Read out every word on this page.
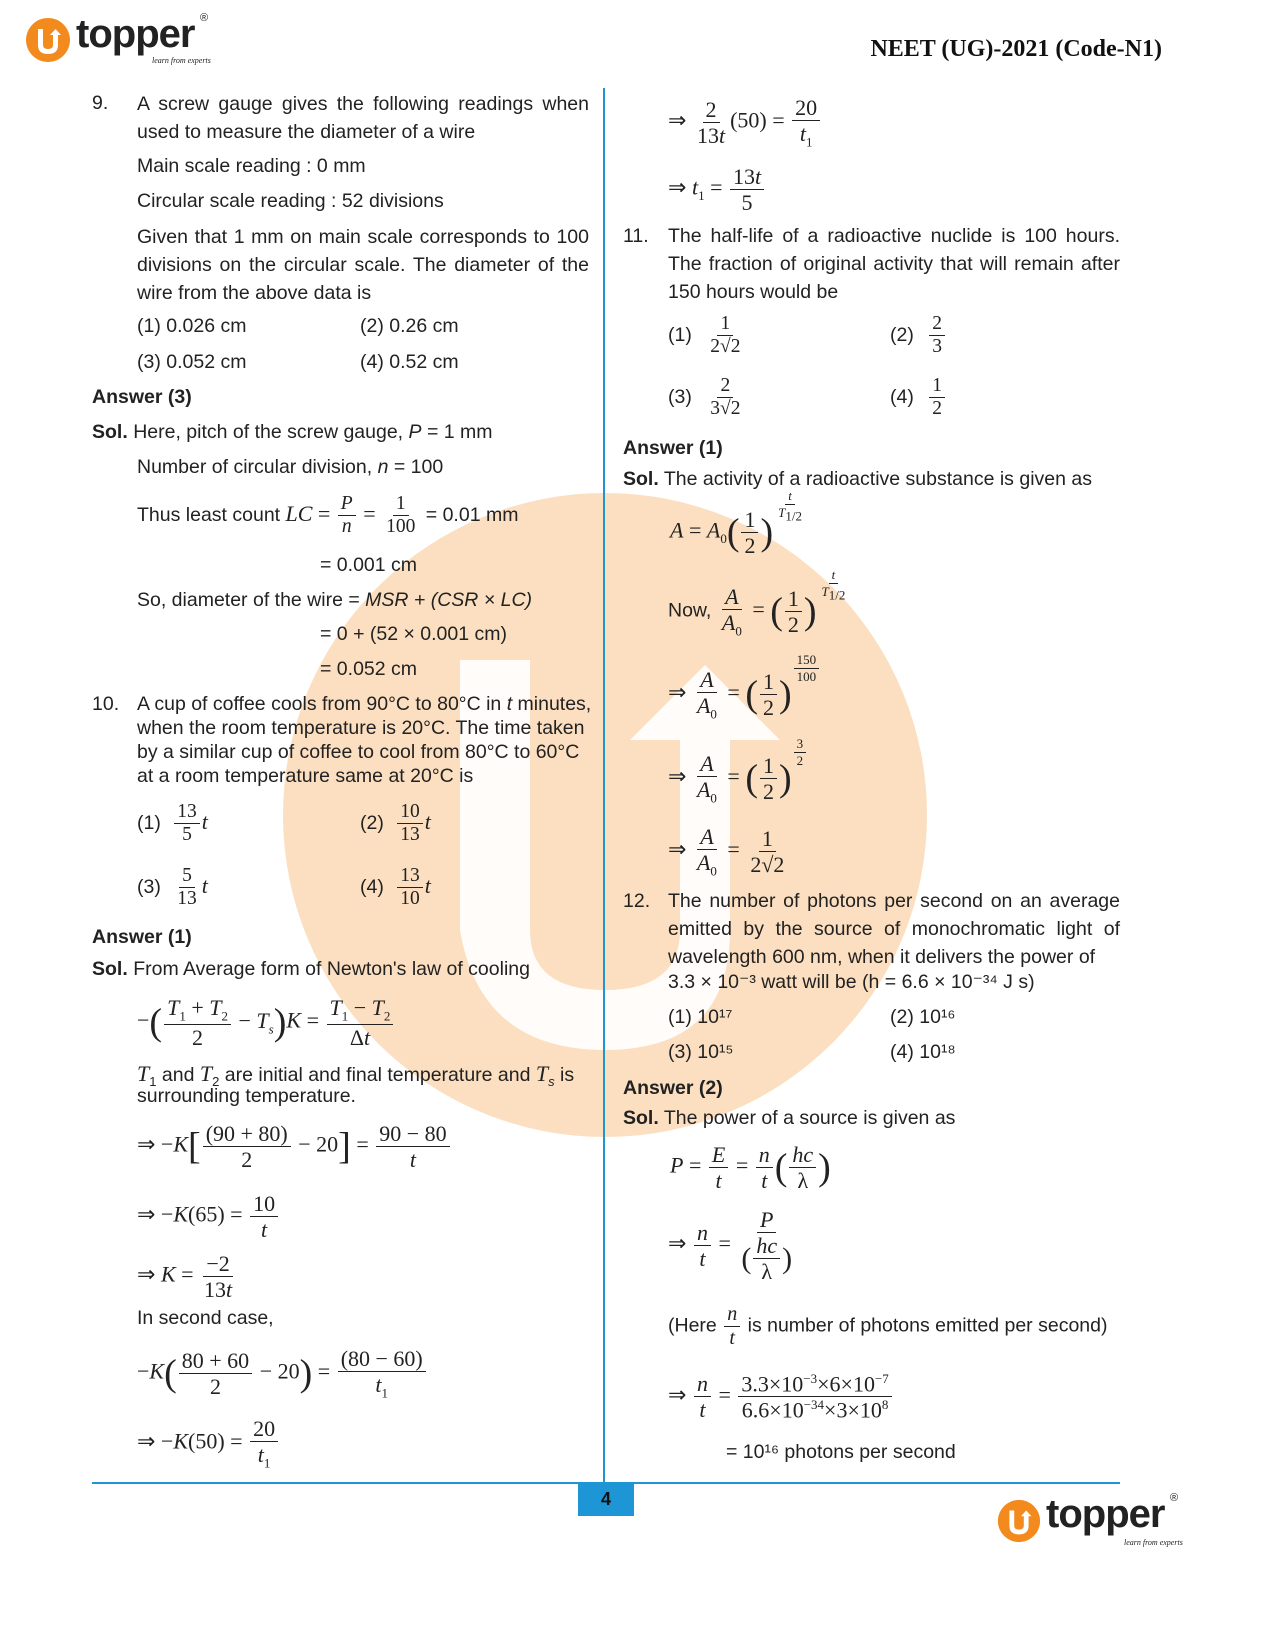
topper ®
learn from experts	NEET (UG)-2021 (Code-N1)
9. A screw gauge gives the following readings when used to measure the diameter of a wire
Main scale reading : 0 mm
Circular scale reading : 52 divisions
Given that 1 mm on main scale corresponds to 100 divisions on the circular scale. The diameter of the wire from the above data is
(1) 0.026 cm	(2) 0.26 cm
(3) 0.052 cm	(4) 0.52 cm
Answer (3)
Sol. Here, pitch of the screw gauge, P = 1 mm
Number of circular division, n = 100
Thus least count LC = $\frac{P}{n} = \frac{1}{100} = 0.01$ mm
= 0.001 cm
So, diameter of the wire = MSR + (CSR × LC)
= 0 + (52 × 0.001 cm)
= 0.052 cm
10. A cup of coffee cools from 90°C to 80°C in t minutes,
when the room temperature is 20°C. The time taken
by a similar cup of coffee to cool from 80°C to 60°C
at a room temperature same at 20°C is
$(1) \frac{13}{5}$ t	$(2) \frac{10}{13}$ t
$(3) \frac{5}{13}$ t	$(4) \frac{13}{10}$ t
Answer (1)
Sol. From Average form of Newton's law of cooling
−( $\frac{T_1 + T_2}{2} - T_s)K = \frac{T_1 - T_2}{\Delta t}$
$T_1$ and $T_2$ are initial and final temperature and $T_s$ is
surrounding temperature.
⇒ $-K[ \frac{(90 + 80)}{2} - 20] = \frac{90 - 80}{t}$
⇒ $-K(65) = \frac{10}{t}$
⇒ $K = \frac{-2}{13t}$
In second case,
$-K( \frac{80 + 60}{2} - 20) = \frac{(80 - 60)}{t_1}$
⇒ $-K(50) = \frac{20}{t_1}$
⇒ $\frac{2}{13t} (50) = \frac{20}{t_1}$
⇒ $t_1 = \frac{13t}{5}$
11. The half-life of a radioactive nuclide is 100 hours. The fraction of original activity that will remain after 150 hours would be
$(1) \frac{1}{2√2}$	$(2) \frac{2}{3}$
$(3) \frac{2}{3√2}$	$(4) \frac{1}{2}$
Answer (1)
Sol. The activity of a radioactive substance is given as
$A = A_0( \frac{1}{2}$ )
$^{\frac{t}{T_{1/2}}}$
Now, $\frac{A}{A_0}$ = ( $\frac{1}{2}$ )
$^{\frac{t}{T_{1/2}}}$
⇒ $\frac{A}{A_0}$ = ( $\frac{1}{2}$ )
$^{\frac{150}{100}}$
⇒ $\frac{A}{A_0}$ = ( $\frac{1}{2}$ )
$^{\frac{3}{2}}$
⇒ $\frac{A}{A_0} = \frac{1}{2√2}$
12. The number of photons per second on an average emitted by the source of monochromatic light of wavelength 600 nm, when it delivers the power of
3.3 × 10⁻³ watt will be (h = 6.6 × 10⁻³⁴ J s)
(1) 10¹⁷	(2) 10¹⁶
(3) 10¹⁵	(4) 10¹⁸
Answer (2)
Sol. The power of a source is given as
$P = \frac{E}{t} = \frac{n}{t}$ ( $\frac{hc}{\lambda}$ )
⇒ $\frac{n}{t}$ =
P
( $\frac{hc}{\lambda}$ )
(Here $\frac{n}{t}$ is number of photons emitted per second)
⇒ $\frac{n}{t} = \frac{3.3\times 10^{-3}\times 6\times 10^{-7}}{6.6\times 10^{-34}\times 3\times 10^8}$
= 10¹⁶ photons per second
4	topper ®
learn from experts
